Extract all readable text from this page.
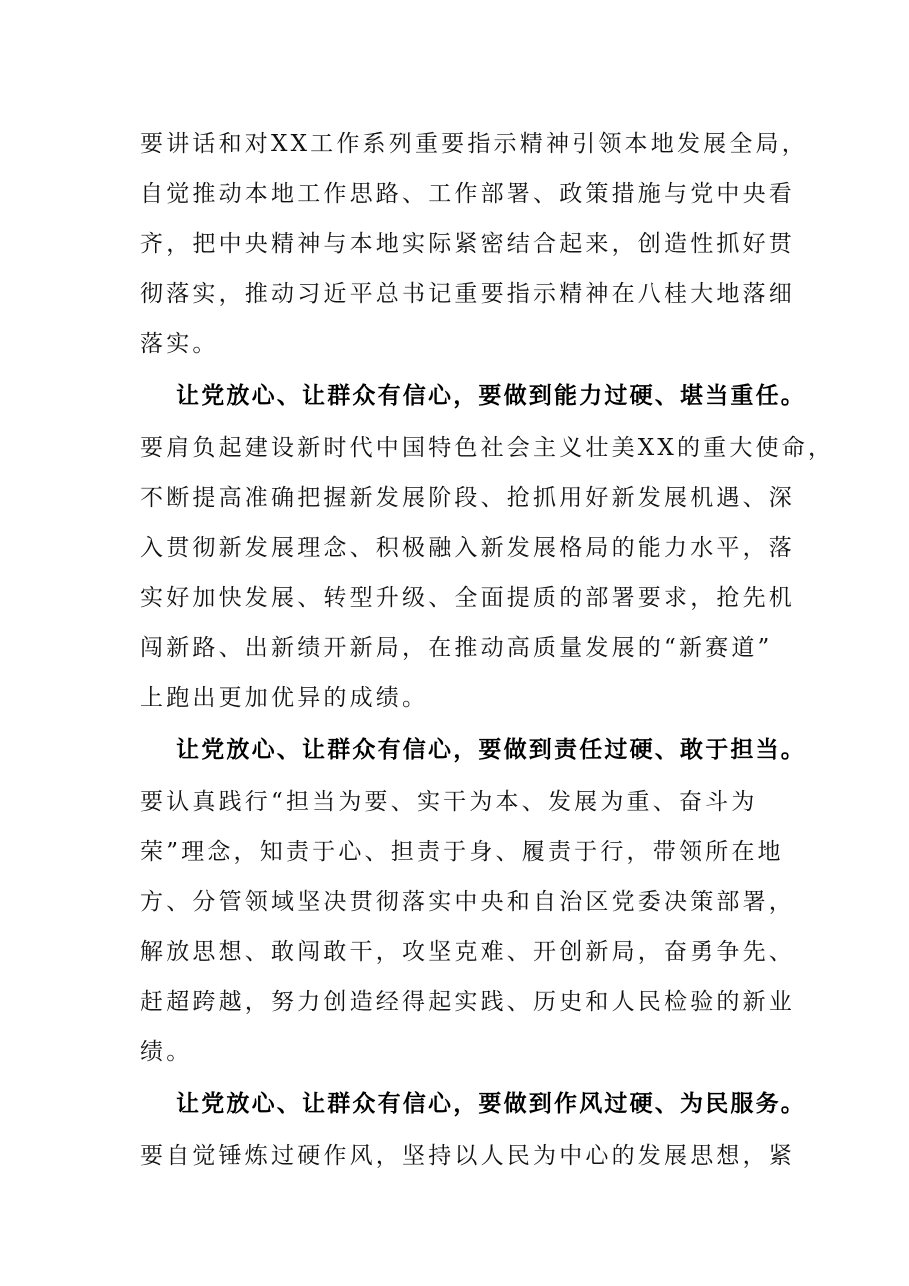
要讲话和对XX工作系列重要指示精神引领本地发展全局，
自觉推动本地工作思路、工作部署、政策措施与党中央看
齐，把中央精神与本地实际紧密结合起来，创造性抓好贯
彻落实，推动习近平总书记重要指示精神在八桂大地落细
落实。
让党放心、让群众有信心，要做到能力过硬、堪当重任。
要肩负起建设新时代中国特色社会主义壮美XX的重大使命，
不断提高准确把握新发展阶段、抢抓用好新发展机遇、深
入贯彻新发展理念、积极融入新发展格局的能力水平，落
实好加快发展、转型升级、全面提质的部署要求，抢先机
闯新路、出新绩开新局，在推动高质量发展的“新赛道”
上跑出更加优异的成绩。
让党放心、让群众有信心，要做到责任过硬、敢于担当。
要认真践行“担当为要、实干为本、发展为重、奋斗为
荣”理念，知责于心、担责于身、履责于行，带领所在地
方、分管领域坚决贯彻落实中央和自治区党委决策部署，
解放思想、敢闯敢干，攻坚克难、开创新局，奋勇争先、
赶超跨越，努力创造经得起实践、历史和人民检验的新业
绩。
让党放心、让群众有信心，要做到作风过硬、为民服务。
要自觉锤炼过硬作风，坚持以人民为中心的发展思想，紧
